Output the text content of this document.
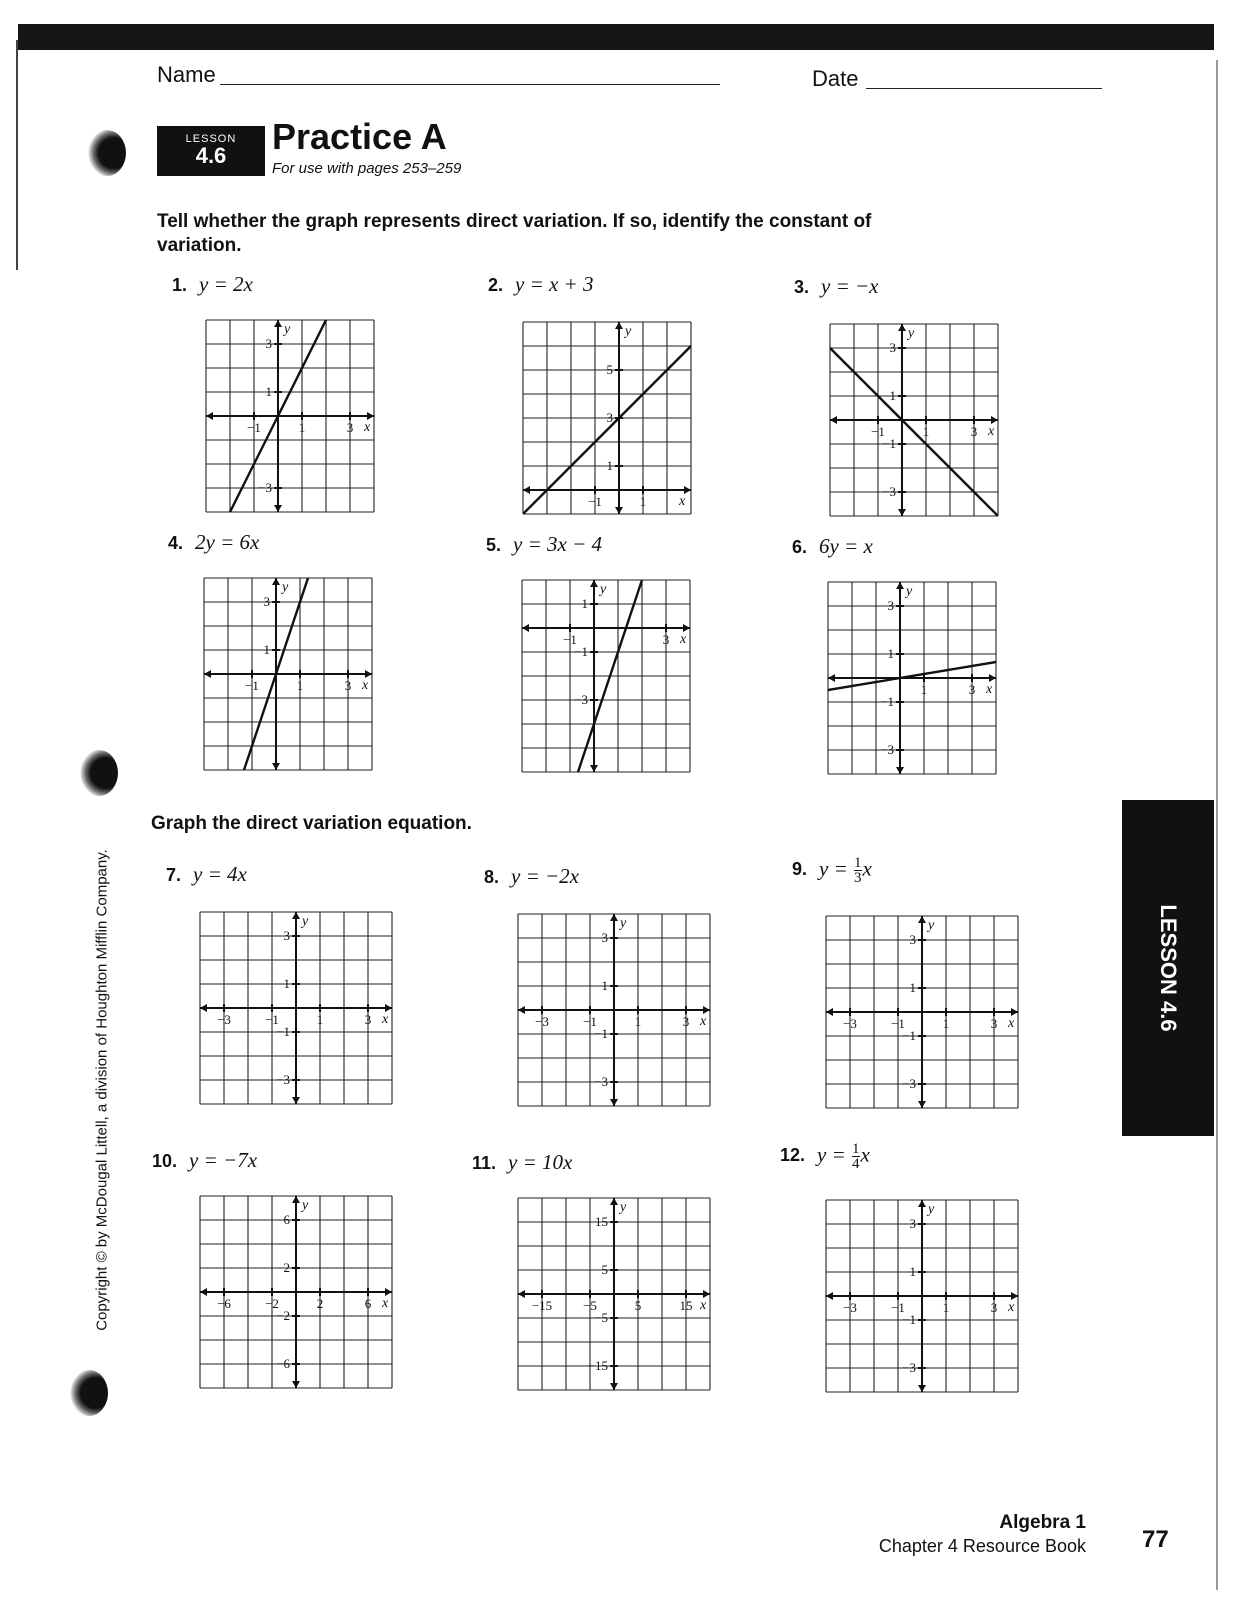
Name	Date
LESSON
4.6	Practice A
For use with pages 253–259
Tell whether the graph represents direct variation. If so, identify the constant of variation.
1. y = 2x	2. y = x + 3	3. y = −x
4. 2y = 6x	5. y = 3x − 4	6. 6y = x
Graph the direct variation equation.
7. y = 4x	8. y = −2x	9. $y = \frac{1}{3}$ x
10. y = −7x	11. y = 10x	12. $y = \frac{1}{4}$ x
−1	1	3
3
1
−3
x
y
−1	1 x
5
3
1
y
−1	1	3
3
1
−1
−3
x
y
−1	1	3
3
1
x
y
−1	3
1
−1
−3
x
y
1	3
3
1
−1
−3
x
y
−3	−1	1	3
3
1
−1
−3
x
y
−3	−1	1	3
3
1
−1
−3
x
y
−3	−1	1	3
3
1
−1
−3
x
y
−6	−2	2	6
6
2
−2
−6
x
y
−15 −5	5	15
15
5
−5
−15
x
y
−3	−1	1	3
3
1
−1
−3
x
y
LESSON 4.6
Copyright © by McDougal Littell, a division of Houghton Mifflin Company.
Algebra 1
Chapter 4 Resource Book 77
